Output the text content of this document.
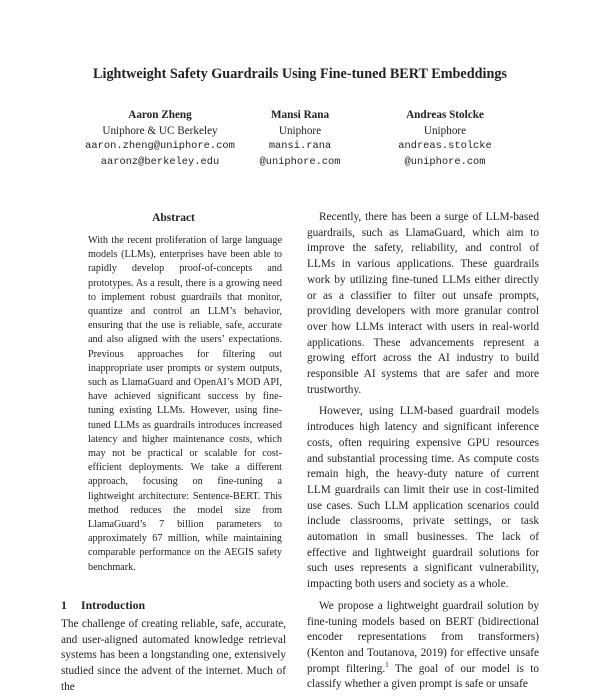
Lightweight Safety Guardrails Using Fine-tuned BERT Embeddings
Aaron Zheng
Uniphore & UC Berkeley
aaron.zheng@uniphore.com
aaronz@berkeley.edu
Mansi Rana
Uniphore
mansi.rana
@uniphore.com
Andreas Stolcke
Uniphore
andreas.stolcke
@uniphore.com
Abstract
With the recent proliferation of large language models (LLMs), enterprises have been able to rapidly develop proof-of-concepts and prototypes. As a result, there is a growing need to implement robust guardrails that monitor, quantize and control an LLM’s behavior, ensuring that the use is reliable, safe, accurate and also aligned with the users’ expectations. Previous approaches for filtering out inappropriate user prompts or system outputs, such as LlamaGuard and OpenAI’s MOD API, have achieved significant success by fine-tuning existing LLMs. However, using fine-tuned LLMs as guardrails introduces increased latency and higher maintenance costs, which may not be practical or scalable for cost-efficient deployments. We take a different approach, focusing on fine-tuning a lightweight architecture: Sentence-BERT. This method reduces the model size from LlamaGuard’s 7 billion parameters to approximately 67 million, while maintaining comparable performance on the AEGIS safety benchmark.
1 Introduction

The challenge of creating reliable, safe, accurate, and user-aligned automated knowledge retrieval systems has been a longstanding one, extensively studied since the advent of the internet. Much of the

Recently, there has been a surge of LLM-based guardrails, such as LlamaGuard, which aim to improve the safety, reliability, and control of LLMs in various applications. These guardrails work by utilizing fine-tuned LLMs either directly or as a classifier to filter out unsafe prompts, providing developers with more granular control over how LLMs interact with users in real-world applications. These advancements represent a growing effort across the AI industry to build responsible AI systems that are safer and more trustworthy.

However, using LLM-based guardrail models introduces high latency and significant inference costs, often requiring expensive GPU resources and substantial processing time. As compute costs remain high, the heavy-duty nature of current LLM guardrails can limit their use in cost-limited use cases. Such LLM application scenarios could include classrooms, private settings, or task automation in small businesses. The lack of effective and lightweight guardrail solutions for such uses represents a significant vulnerability, impacting both users and society as a whole.

We propose a lightweight guardrail solution by fine-tuning models based on BERT (bidirectional encoder representations from transformers) (Kenton and Toutanova, 2019) for effective unsafe prompt filtering.$^1$ The goal of our model is to classify whether a given prompt is safe or unsafe
